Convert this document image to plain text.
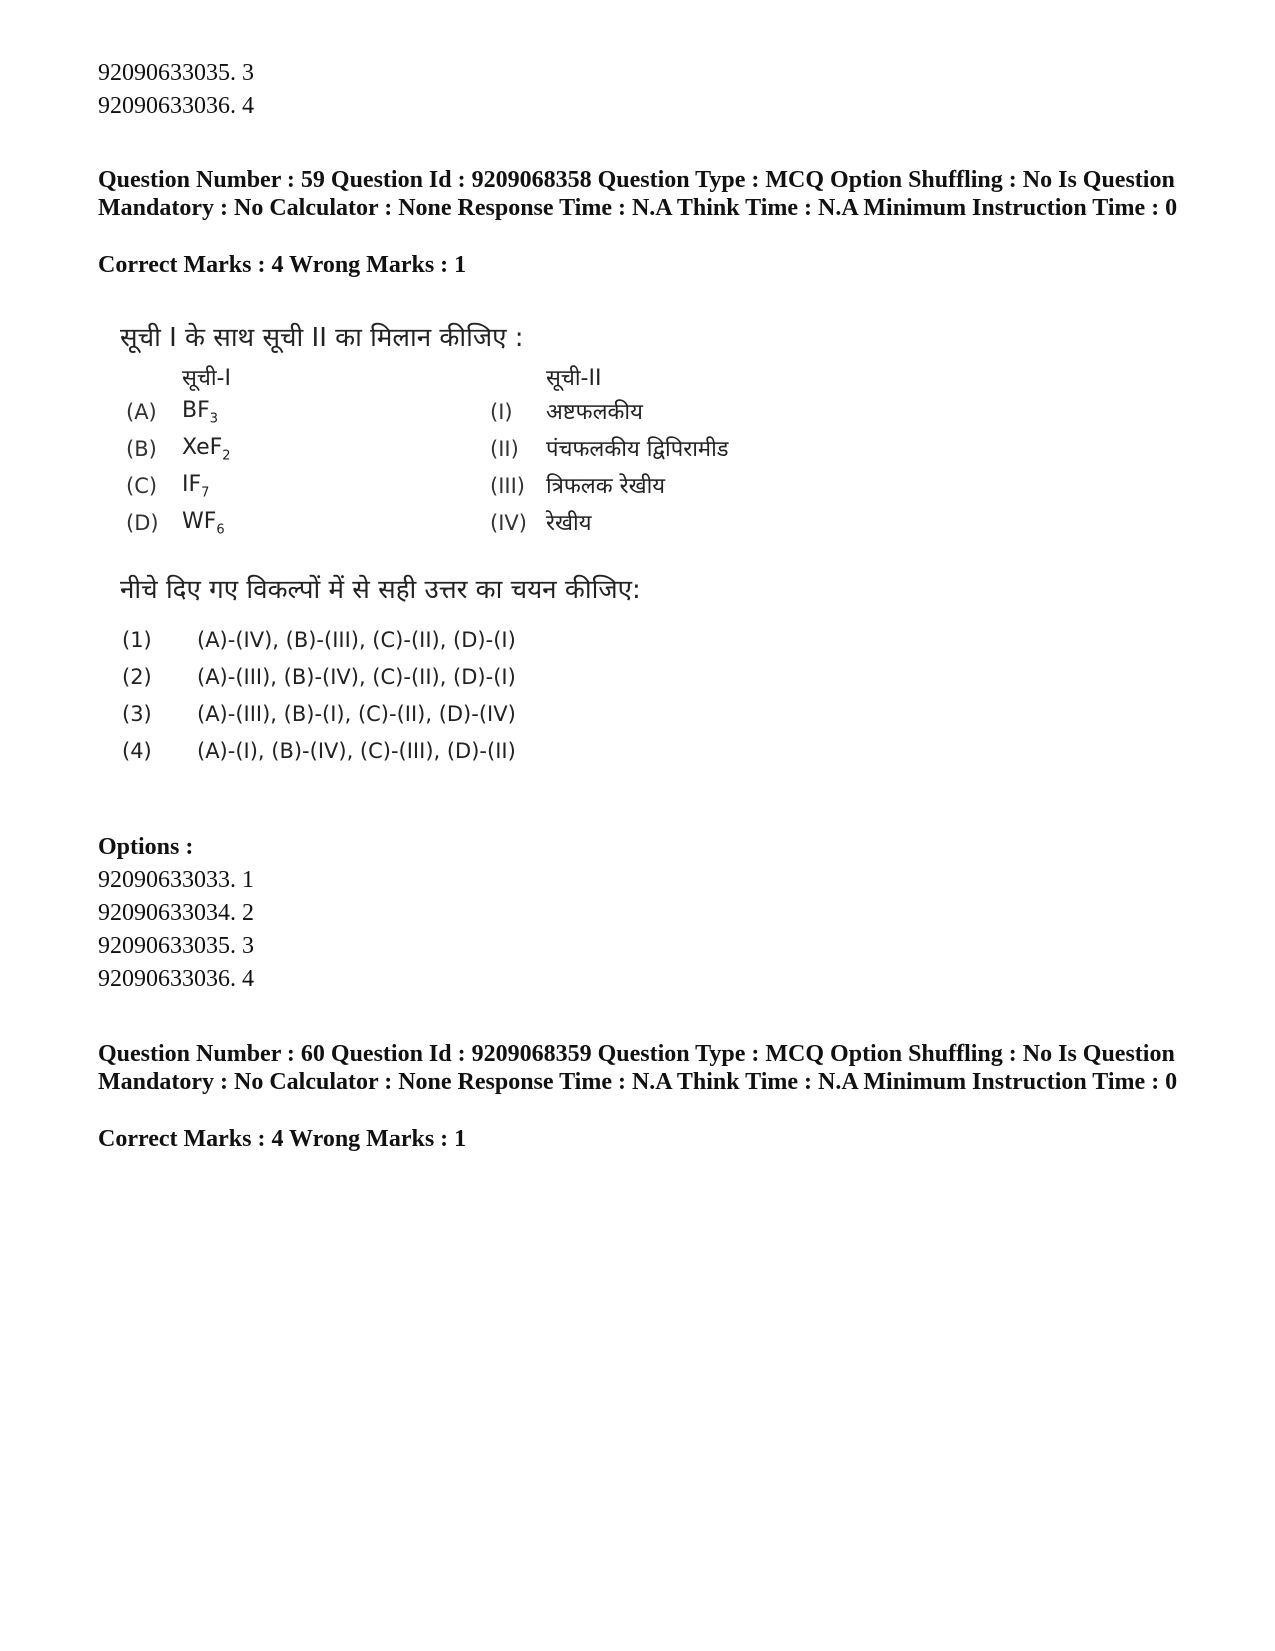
92090633035. 3
92090633036. 4
Question Number : 59 Question Id : 9209068358 Question Type : MCQ Option Shuffling : No Is Question Mandatory : No Calculator : None Response Time : N.A Think Time : N.A Minimum Instruction Time : 0
Correct Marks : 4 Wrong Marks : 1
सूची I के साथ सूची II का मिलान कीजिए :
सूची-I	सूची-II
(A) $BF_3$
(B) XeF$_2$
(C) $IF_7$
(D) $WF_6$
(I) अष्टफलकीय
(II) पंचफलकीय द्विपिरामीड
(III) त्रिफलक रेखीय
(IV) रेखीय
नीचे दिए गए विकल्पों में से सही उत्तर का चयन कीजिए:
(1) (A)-(IV), (B)-(III), (C)-(II), (D)-(I)
(2) (A)-(III), (B)-(IV), (C)-(II), (D)-(I)
(3) (A)-(III), (B)-(I), (C)-(II), (D)-(IV)
(4) (A)-(I), (B)-(IV), (C)-(III), (D)-(II)
Options :
92090633033. 1
92090633034. 2
92090633035. 3
92090633036. 4
Question Number : 60 Question Id : 9209068359 Question Type : MCQ Option Shuffling : No Is Question Mandatory : No Calculator : None Response Time : N.A Think Time : N.A Minimum Instruction Time : 0
Correct Marks : 4 Wrong Marks : 1
